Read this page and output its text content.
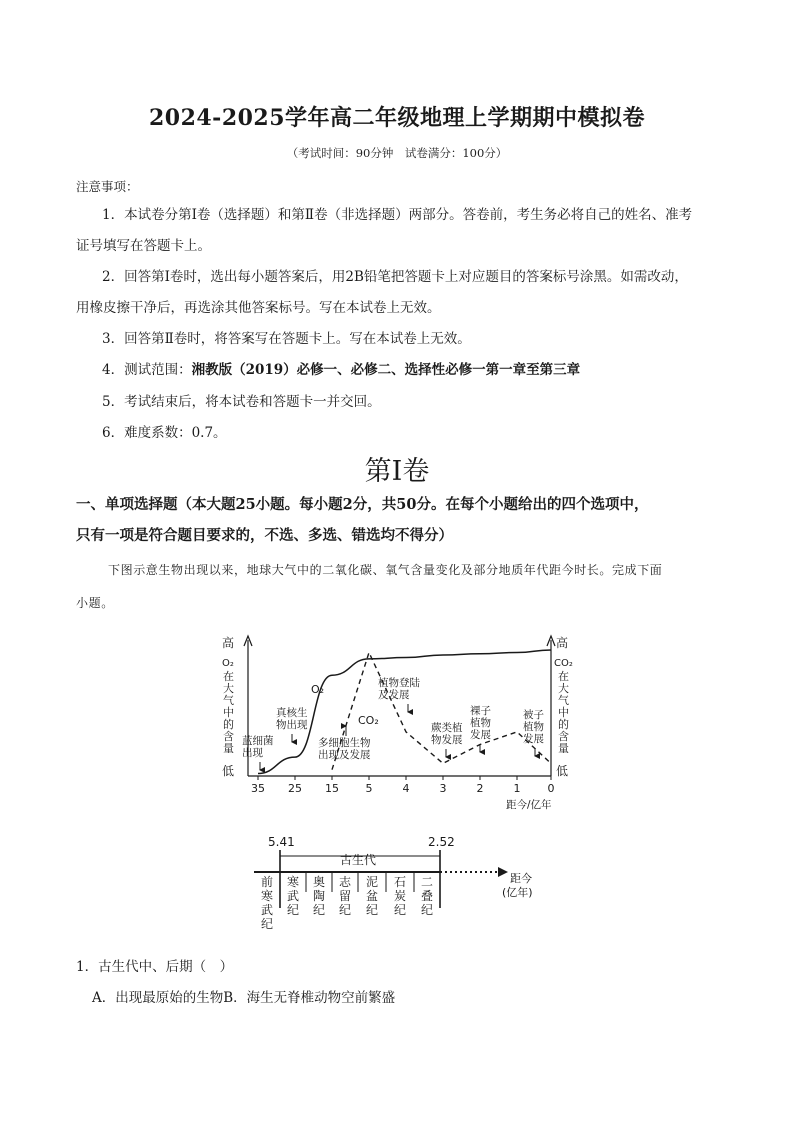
2024-2025学年高二年级地理上学期期中模拟卷
（考试时间：90分钟　试卷满分：100分）
注意事项：
1．本试卷分第Ⅰ卷（选择题）和第Ⅱ卷（非选择题）两部分。答卷前，考生务必将自己的姓名、准考
证号填写在答题卡上。
2．回答第Ⅰ卷时，选出每小题答案后，用2B铅笔把答题卡上对应题目的答案标号涂黑。如需改动，
用橡皮擦干净后，再选涂其他答案标号。写在本试卷上无效。
3．回答第Ⅱ卷时，将答案写在答题卡上。写在本试卷上无效。
4．测试范围：湘教版（2019）必修一、必修二、选择性必修一第一章至第三章
5．考试结束后，将本试卷和答题卡一并交回。
6．难度系数：0.7。
第Ⅰ卷
一、单项选择题（本大题25小题。每小题2分，共50分。在每个小题给出的四个选项中，
只有一项是符合题目要求的，不选、多选、错选均不得分）
下图示意生物出现以来，地球大气中的二氧化碳、氧气含量变化及部分地质年代距今时长。完成下面
小题。
高
低
O₂
在
大
气
中
的
含
量
高
低
CO₂
在
大
气
中
的
含
量
35 25 15 5	4	3	2	1 0
距今/亿年
O₂
CO₂
蓝细菌
出现
真核生
物出现
多细胞生物
出现及发展
植物登陆
及发展
蕨类植
物发展
裸子
植物
发展
被子
植物
发展
5.41	2.52
古生代
前
寒
武
纪
寒
武
纪
奥
陶
纪
志
留
纪
泥
盆
纪
石
炭
纪
二
叠
纪
距今
(亿年)
1．古生代中、后期（　）
A．出现最原始的生物B．海生无脊椎动物空前繁盛
